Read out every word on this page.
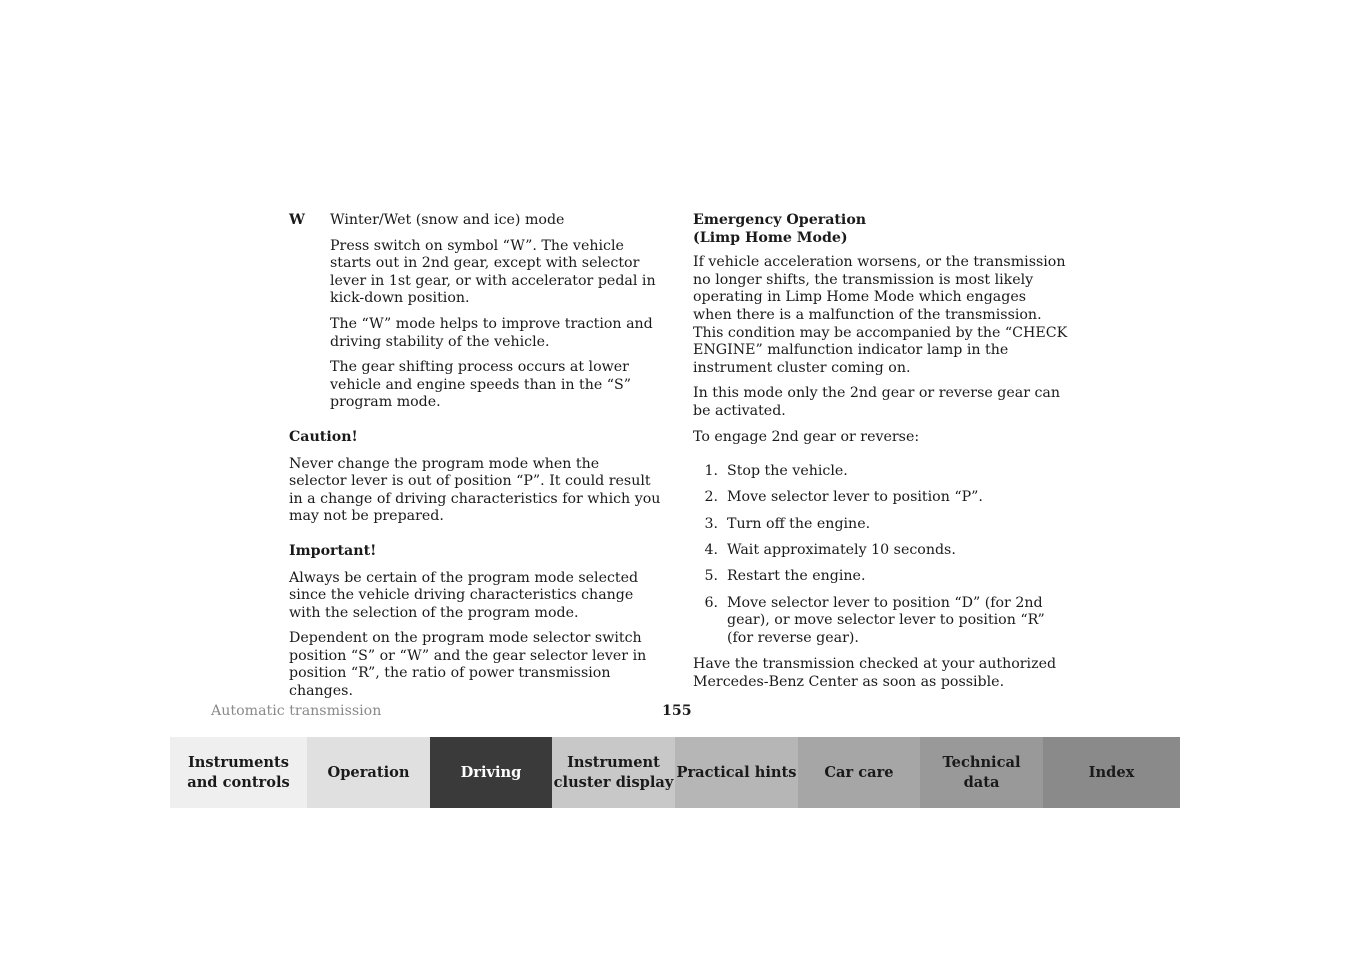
W	Winter/Wet (snow and ice) mode

Press switch on symbol “W”. The vehicle starts out in 2nd gear, except with selector lever in 1st gear, or with accelerator pedal in kick-down position.

The “W” mode helps to improve traction and driving stability of the vehicle.

The gear shifting process occurs at lower vehicle and engine speeds than in the “S” program mode.

Caution!

Never change the program mode when the selector lever is out of position “P”. It could result in a change of driving characteristics for which you may not be prepared.

Important!

Always be certain of the program mode selected since the vehicle driving characteristics change with the selection of the program mode.

Dependent on the program mode selector switch position “S” or “W” and the gear selector lever in position “R”, the ratio of power transmission changes.

Emergency Operation
(Limp Home Mode)

If vehicle acceleration worsens, or the transmission no longer shifts, the transmission is most likely operating in Limp Home Mode which engages when there is a malfunction of the transmission. This condition may be accompanied by the “CHECK ENGINE” malfunction indicator lamp in the instrument cluster coming on.

In this mode only the 2nd gear or reverse gear can be activated.

To engage 2nd gear or reverse:

1. Stop the vehicle.
2. Move selector lever to position “P”.
3. Turn off the engine.
4. Wait approximately 10 seconds.
5. Restart the engine.
6. Move selector lever to position “D” (for 2nd gear), or move selector lever to position “R” (for reverse gear).

Have the transmission checked at your authorized Mercedes-Benz Center as soon as possible.

Automatic transmission	155
Instruments
and controls
Operation	Driving
Instrument
cluster display
Practical hints Car care
Technical
data
Index
